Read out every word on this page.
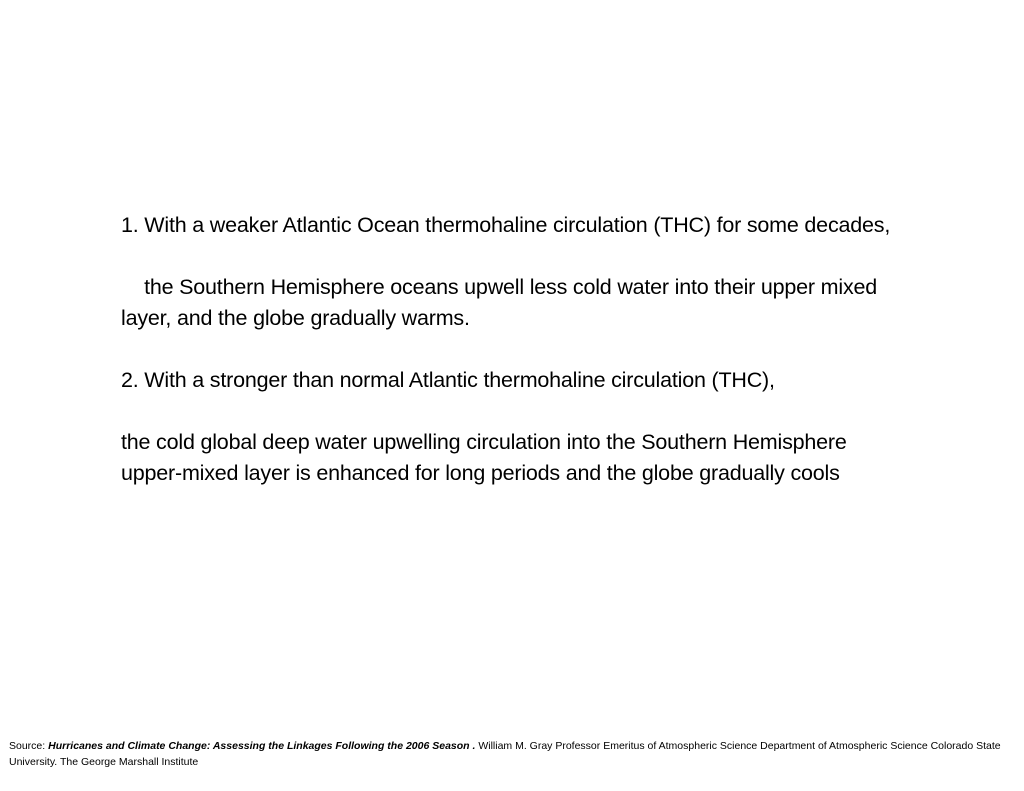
1. With a weaker Atlantic Ocean thermohaline circulation (THC) for some decades,

the Southern Hemisphere oceans upwell less cold water into their upper mixed layer, and the globe gradually warms.

2. With a stronger than normal Atlantic thermohaline circulation (THC),

the cold global deep water upwelling circulation into the Southern Hemisphere upper-mixed layer is enhanced for long periods and the globe gradually cools

Source: Hurricanes and Climate Change: Assessing the Linkages Following the 2006 Season . William M. Gray Professor Emeritus of Atmospheric Science Department of Atmospheric Science Colorado State University. The George Marshall Institute
